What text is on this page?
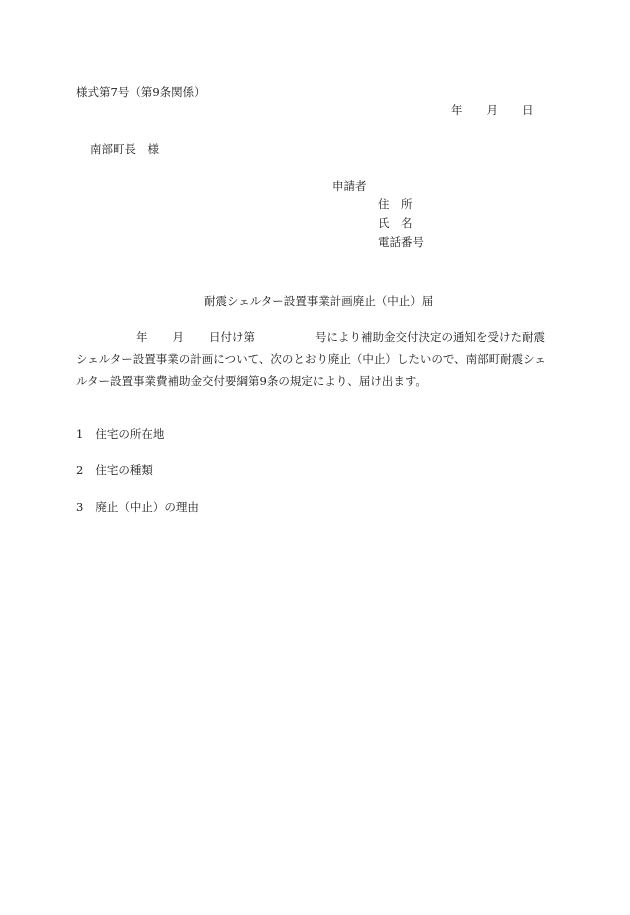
様式第7号（第9条関係）
年 月 日
南部町長　様
申請者
住　所
氏　名
電話番号
耐震シェルター設置事業計画廃止（中止）届
年 月 日付け第	号により補助金交付決定の通知を受けた耐震シェルター設置事業の計画について、次のとおり廃止（中止）したいので、南部町耐震シェルター設置事業費補助金交付要綱第9条の規定により、届け出ます。
1 住宅の所在地
2 住宅の種類
3 廃止（中止）の理由
